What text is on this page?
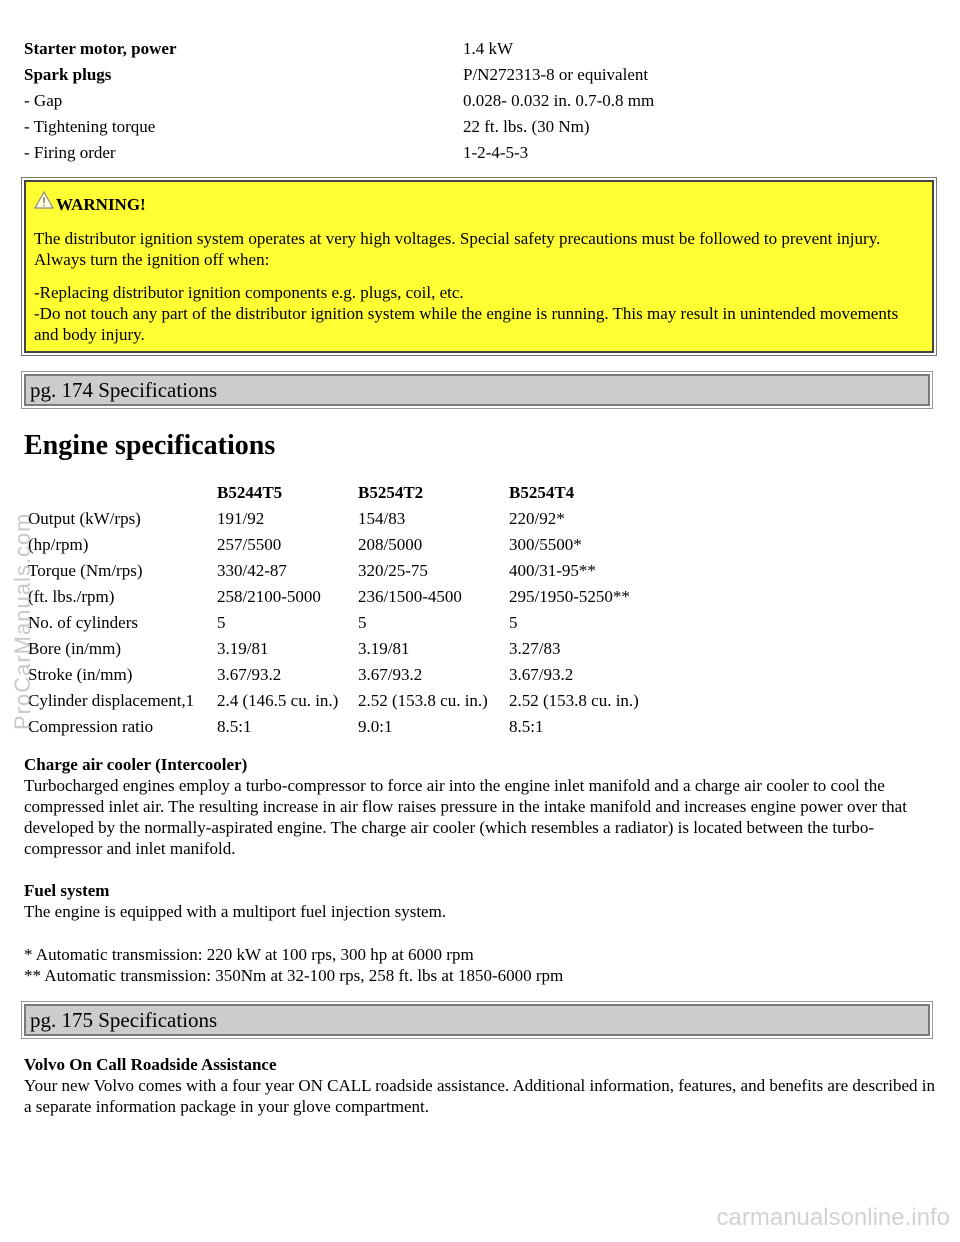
Starter motor, power	1.4 kW
Spark plugs	P/N272313-8 or equivalent
- Gap	0.028- 0.032 in. 0.7-0.8 mm
- Tightening torque	22 ft. lbs. (30 Nm)
- Firing order	1-2-4-5-3
WARNING!

The distributor ignition system operates at very high voltages. Special safety precautions must be followed to prevent injury. Always turn the ignition off when:

-Replacing distributor ignition components e.g. plugs, coil, etc.
-Do not touch any part of the distributor ignition system while the engine is running. This may result in unintended movements and body injury.

pg. 174 Specifications
Engine specifications
	B5244T5	B5254T2	B5254T4
Output (kW/rps)	191/92	154/83	220/92*
(hp/rpm)	257/5500	208/5000	300/5500*
Torque (Nm/rps)	330/42-87	320/25-75	400/31-95**
(ft. lbs./rpm)	258/2100-5000	236/1500-4500	295/1950-5250**
No. of cylinders	5	5	5
Bore (in/mm)	3.19/81	3.19/81	3.27/83
Stroke (in/mm)	3.67/93.2	3.67/93.2	3.67/93.2
Cylinder displacement,1	2.4 (146.5 cu. in.)	2.52 (153.8 cu. in.)	2.52 (153.8 cu. in.)
Compression ratio	8.5:1	9.0:1	8.5:1
Charge air cooler (Intercooler)
Turbocharged engines employ a turbo-compressor to force air into the engine inlet manifold and a charge air cooler to cool the compressed inlet air. The resulting increase in air flow raises pressure in the intake manifold and increases engine power over that developed by the normally-aspirated engine. The charge air cooler (which resembles a radiator) is located between the turbo-compressor and inlet manifold.
Fuel system
The engine is equipped with a multiport fuel injection system.
* Automatic transmission: 220 kW at 100 rps, 300 hp at 6000 rpm
** Automatic transmission: 350Nm at 32-100 rps, 258 ft. lbs at 1850-6000 rpm
pg. 175 Specifications
Volvo On Call Roadside Assistance
Your new Volvo comes with a four year ON CALL roadside assistance. Additional information, features, and benefits are described in a separate information package in your glove compartment.
ProCarManuals.com
carmanualsonline.info
